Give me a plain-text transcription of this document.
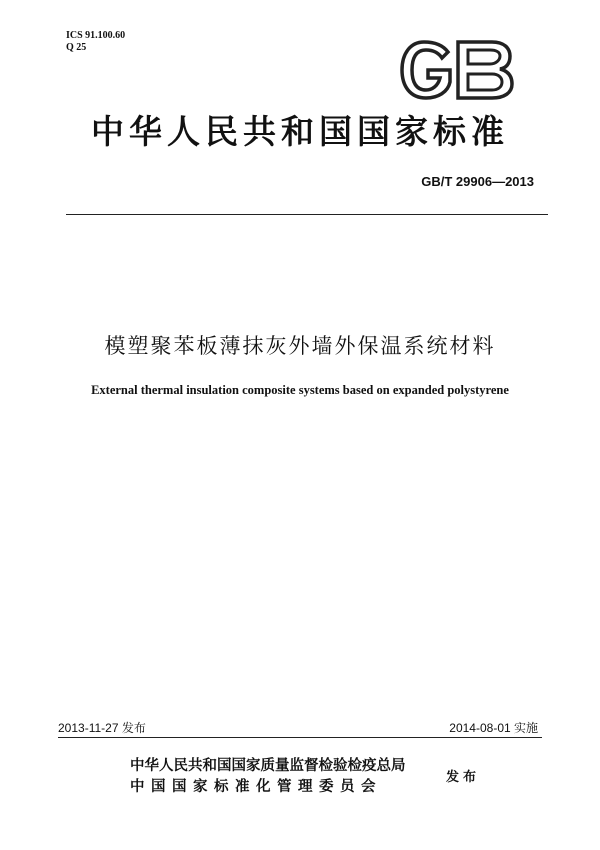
ICS 91.100.60
Q 25
中华人民共和国国家标准
GB/T 29906—2013
模塑聚苯板薄抹灰外墙外保温系统材料
External thermal insulation composite systems based on expanded polystyrene
2013-11-27 发布	2014-08-01 实施
中华人民共和国国家质量监督检验检疫总局
中国国家标准化管理委员会
发布
